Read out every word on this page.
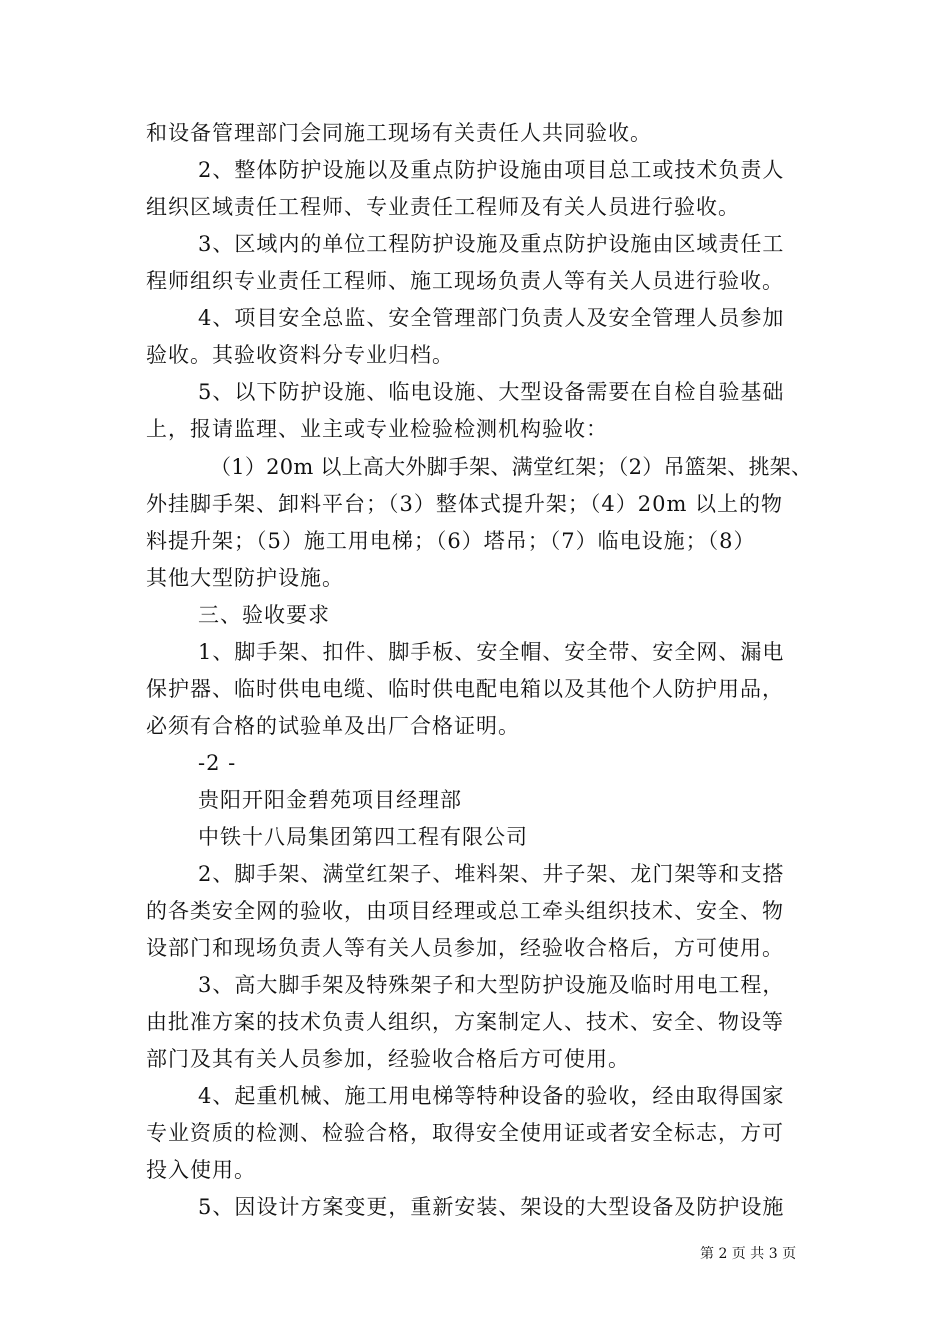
和设备管理部门会同施工现场有关责任人共同验收。
2、整体防护设施以及重点防护设施由项目总工或技术负责人
组织区域责任工程师、专业责任工程师及有关人员进行验收。
3、区域内的单位工程防护设施及重点防护设施由区域责任工
程师组织专业责任工程师、施工现场负责人等有关人员进行验收。
4、项目安全总监、安全管理部门负责人及安全管理人员参加
验收。其验收资料分专业归档。
5、以下防护设施、临电设施、大型设备需要在自检自验基础
上，报请监理、业主或专业检验检测机构验收：
（1）20m 以上高大外脚手架、满堂红架；（2）吊篮架、挑架、
外挂脚手架、卸料平台；（3）整体式提升架；（4）20m 以上的物
料提升架；（5）施工用电梯；（6）塔吊；（7）临电设施；（8）
其他大型防护设施。
三、验收要求
1、脚手架、扣件、脚手板、安全帽、安全带、安全网、漏电
保护器、临时供电电缆、临时供电配电箱以及其他个人防护用品，
必须有合格的试验单及出厂合格证明。
-2 -
贵阳开阳金碧苑项目经理部
中铁十八局集团第四工程有限公司
2、脚手架、满堂红架子、堆料架、井子架、龙门架等和支搭
的各类安全网的验收，由项目经理或总工牵头组织技术、安全、物
设部门和现场负责人等有关人员参加，经验收合格后，方可使用。
3、高大脚手架及特殊架子和大型防护设施及临时用电工程，
由批准方案的技术负责人组织，方案制定人、技术、安全、物设等
部门及其有关人员参加，经验收合格后方可使用。
4、起重机械、施工用电梯等特种设备的验收，经由取得国家
专业资质的检测、检验合格，取得安全使用证或者安全标志，方可
投入使用。
5、因设计方案变更，重新安装、架设的大型设备及防护设施
第 2 页 共 3 页
